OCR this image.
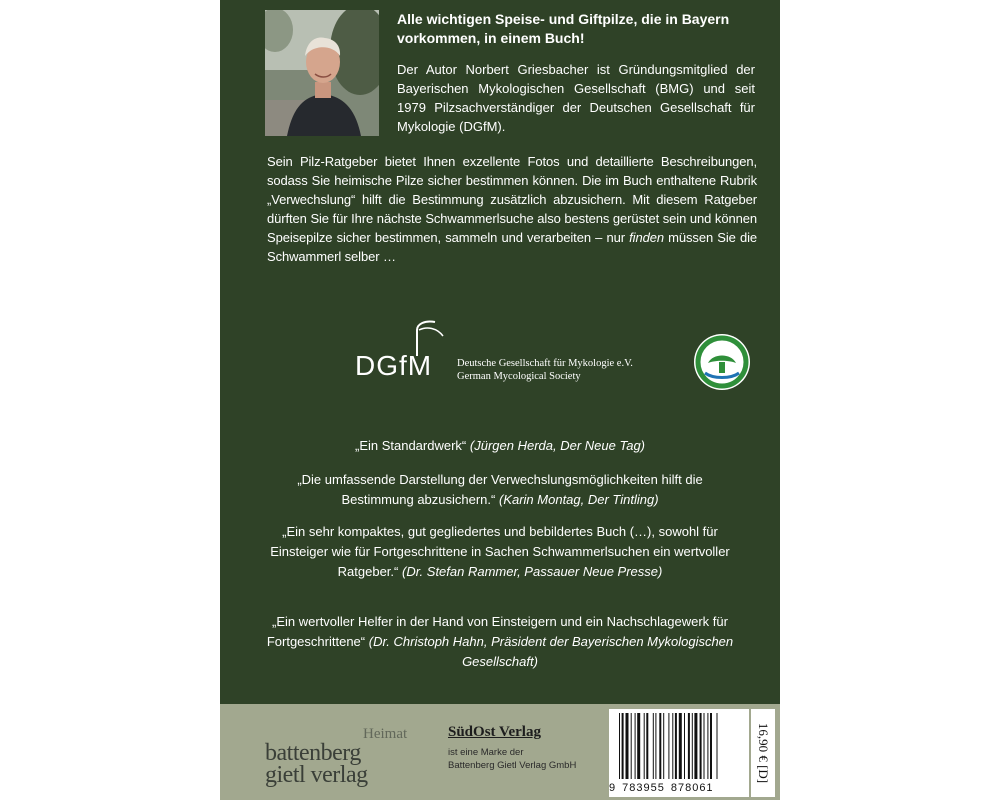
Alle wichtigen Speise- und Giftpilze, die in Bayern vorkommen, in einem Buch!

Der Autor Norbert Griesbacher ist Gründungsmitglied der Bayerischen Mykologischen Gesellschaft (BMG) und seit 1979 Pilzsachverständiger der Deutschen Gesellschaft für Mykologie (DGfM).

Sein Pilz-Ratgeber bietet Ihnen exzellente Fotos und detaillierte Beschreibungen, sodass Sie heimische Pilze sicher bestimmen können. Die im Buch enthaltene Rubrik „Verwechslung“ hilft die Bestimmung zusätzlich abzusichern. Mit diesem Ratgeber dürften Sie für Ihre nächste Schwammerlsuche also bestens gerüstet sein und können Speisepilze sicher bestimmen, sammeln und verarbeiten – nur finden müssen Sie die Schwammerl selber …

DGfM Deutsche Gesellschaft für Mykologie e.V.
German Mycological Society

„Ein Standardwerk“ (Jürgen Herda, Der Neue Tag)

„Die umfassende Darstellung der Verwechslungsmöglichkeiten hilft die Bestimmung abzusichern.“ (Karin Montag, Der Tintling)

„Ein sehr kompaktes, gut gegliedertes und bebildertes Buch (…), sowohl für Einsteiger wie für Fortgeschrittene in Sachen Schwammerlsuchen ein wertvoller Ratgeber.“ (Dr. Stefan Rammer, Passauer Neue Presse)

„Ein wertvoller Helfer in der Hand von Einsteigern und ein Nachschlagewerk für Fortgeschrittene“ (Dr. Christoph Hahn, Präsident der Bayerischen Mykologischen Gesellschaft)

Heimat
battenberg
gietl verlag
SüdOst Verlag
ist eine Marke der
Battenberg Gietl Verlag GmbH
9 783955 878061
16,90 € [D]
